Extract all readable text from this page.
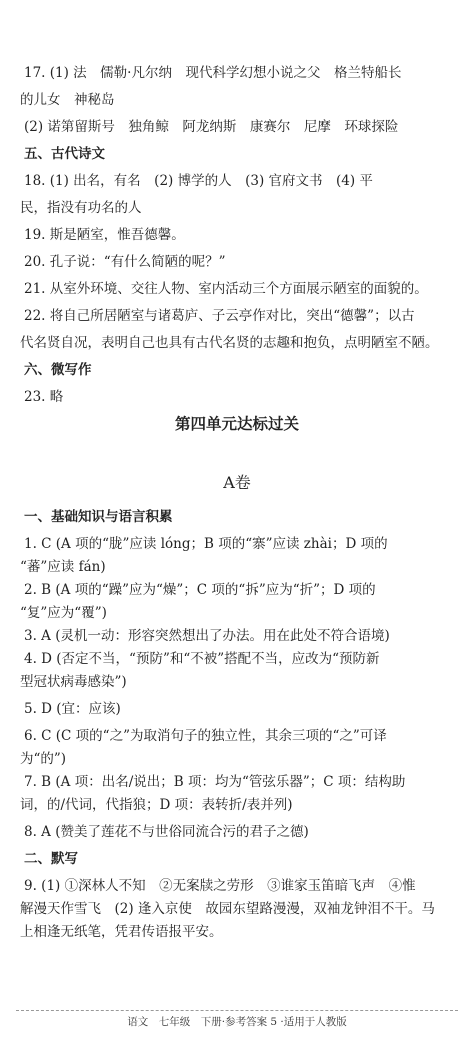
17. (1) 法　儒勒·凡尔纳　现代科学幻想小说之父　格兰特船长
的儿女　神秘岛
(2) 诺第留斯号　独角鲸　阿龙纳斯　康赛尔　尼摩　环球探险
五、古代诗文
18. (1) 出名，有名　(2) 博学的人　(3) 官府文书　(4) 平
民，指没有功名的人
19. 斯是陋室，惟吾德馨。
20. 孔子说：“有什么简陋的呢？”
21. 从室外环境、交往人物、室内活动三个方面展示陋室的面貌的。
22. 将自己所居陋室与诸葛庐、子云亭作对比，突出“德馨”；以古
代名贤自况，表明自己也具有古代名贤的志趣和抱负，点明陋室不陋。
六、微写作
23. 略
第四单元达标过关
A卷
一、基础知识与语言积累
1. C (A 项的“胧”应读 lóng；B 项的“寨”应读 zhài；D 项的
“蕃”应读 fán)
2. B (A 项的“躁”应为“燥”；C 项的“拆”应为“折”；D 项的
“复”应为“覆”)
3. A (灵机一动：形容突然想出了办法。用在此处不符合语境)
4. D (否定不当，“预防”和“不被”搭配不当，应改为“预防新
型冠状病毒感染”)
5. D (宜：应该)
6. C (C 项的“之”为取消句子的独立性，其余三项的“之”可译
为“的”)
7. B (A 项：出名/说出；B 项：均为“管弦乐器”；C 项：结构助
词，的/代词，代指狼；D 项：表转折/表并列)
8. A (赞美了莲花不与世俗同流合污的君子之德)
二、默写
9. (1) ①深林人不知　②无案牍之劳形　③谁家玉笛暗飞声　④惟
解漫天作雪飞　(2) 逢入京使　故园东望路漫漫，双袖龙钟泪不干。马
上相逢无纸笔，凭君传语报平安。
语文　七年级　下册·参考答案 5 ·适用于人教版
